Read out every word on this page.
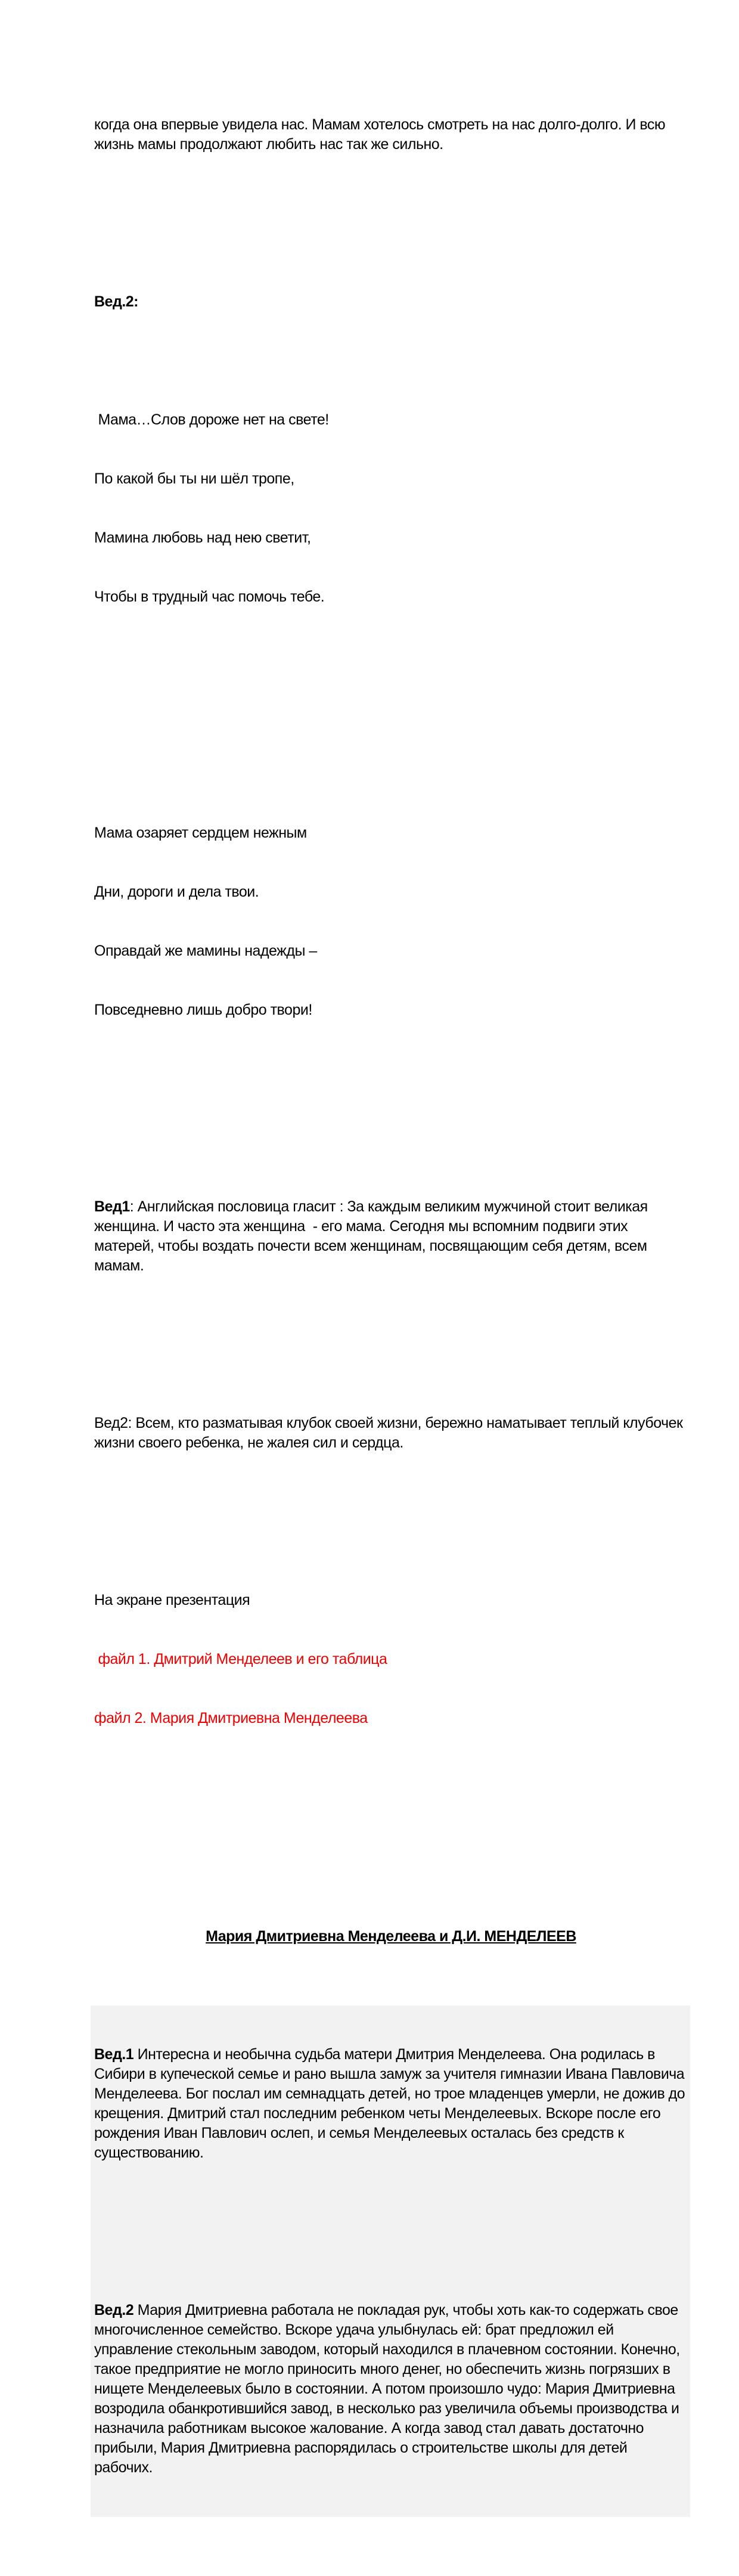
когда она впервые увидела нас. Мамам хотелось смотреть на нас долго-долго. И всю жизнь мамы продолжают любить нас так же сильно.

Вед.2:

Мама…Слов дороже нет на свете!

По какой бы ты ни шёл тропе,

Мамина любовь над нею светит,

Чтобы в трудный час помочь тебе.

Мама озаряет сердцем нежным

Дни, дороги и дела твои.

Оправдай же мамины надежды –

Повседневно лишь добро твори!

Вед1: Английская пословица гласит : За каждым великим мужчиной стоит великая женщина. И часто эта женщина  - его мама. Сегодня мы вспомним подвиги этих матерей, чтобы воздать почести всем женщинам, посвящающим себя детям, всем мамам.

Вед2: Всем, кто разматывая клубок своей жизни, бережно наматывает теплый клубочек жизни своего ребенка, не жалея сил и сердца.

На экране презентация

файл 1. Дмитрий Менделеев и его таблица

файл 2. Мария Дмитриевна Менделеева

Мария Дмитриевна Менделеева и Д.И. МЕНДЕЛЕЕВ

Вед.1 Интересна и необычна судьба матери Дмитрия Менделеева. Она родилась в Сибири в купеческой семье и рано вышла замуж за учителя гимназии Ивана Павловича Менделеева. Бог послал им семнадцать детей, но трое младенцев умерли, не дожив до крещения. Дмитрий стал последним ребенком четы Менделеевых. Вскоре после его рождения Иван Павлович ослеп, и семья Менделеевых осталась без средств к существованию.

Вед.2 Мария Дмитриевна работала не покладая рук, чтобы хоть как-то содержать свое многочисленное семейство. Вскоре удача улыбнулась ей: брат предложил ей управление стекольным заводом, который находился в плачевном состоянии. Конечно, такое предприятие не могло приносить много денег, но обеспечить жизнь погрязших в нищете Менделеевых было в состоянии. А потом произошло чудо: Мария Дмитриевна возродила обанкротившийся завод, в несколько раз увеличила объемы производства и назначила работникам высокое жалование. А когда завод стал давать достаточно прибыли, Мария Дмитриевна распорядилась о строительстве школы для детей рабочих.
